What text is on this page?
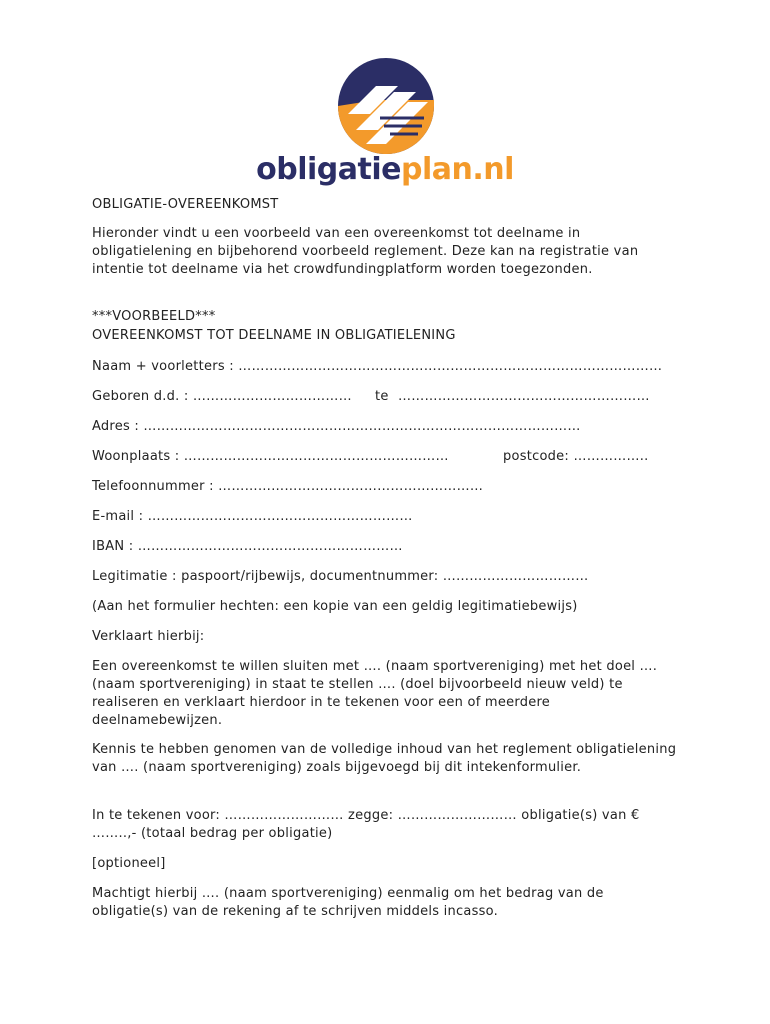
obligatieplan.nl
OBLIGATIE-OVEREENKOMST
Hieronder vindt u een voorbeeld van een overeenkomst tot deelname in obligatielening en bijbehorend voorbeeld reglement. Deze kan na registratie van intentie tot deelname via het crowdfundingplatform worden toegezonden.
***VOORBEELD***
OVEREENKOMST TOT DEELNAME IN OBLIGATIELENING
Naam + voorletters : ……………………………………………………………………………………
Geboren d.d. : ……………………………… te …………………………………………………
Adres : ………………………………………………………………………………………
Woonplaats : ……………………………………………………	postcode: ……………..
Telefoonnummer : ……………………………………………………
E-mail : ……………………………………………………
IBAN : ……………………………………………………
Legitimatie : paspoort/rijbewijs, documentnummer: ……………………………
(Aan het formulier hechten: een kopie van een geldig legitimatiebewijs)
Verklaart hierbij:
Een overeenkomst te willen sluiten met …. (naam sportvereniging) met het doel …. (naam sportvereniging) in staat te stellen …. (doel bijvoorbeeld nieuw veld) te realiseren en verklaart hierdoor in te tekenen voor een of meerdere deelnamebewijzen.
Kennis te hebben genomen van de volledige inhoud van het reglement obligatielening van …. (naam sportvereniging) zoals bijgevoegd bij dit intekenformulier.
In te tekenen voor: ……………………… zegge: ……………………… obligatie(s) van € ……..,- (totaal bedrag per obligatie)
[optioneel]
Machtigt hierbij …. (naam sportvereniging) eenmalig om het bedrag van de obligatie(s) van de rekening af te schrijven middels incasso.
